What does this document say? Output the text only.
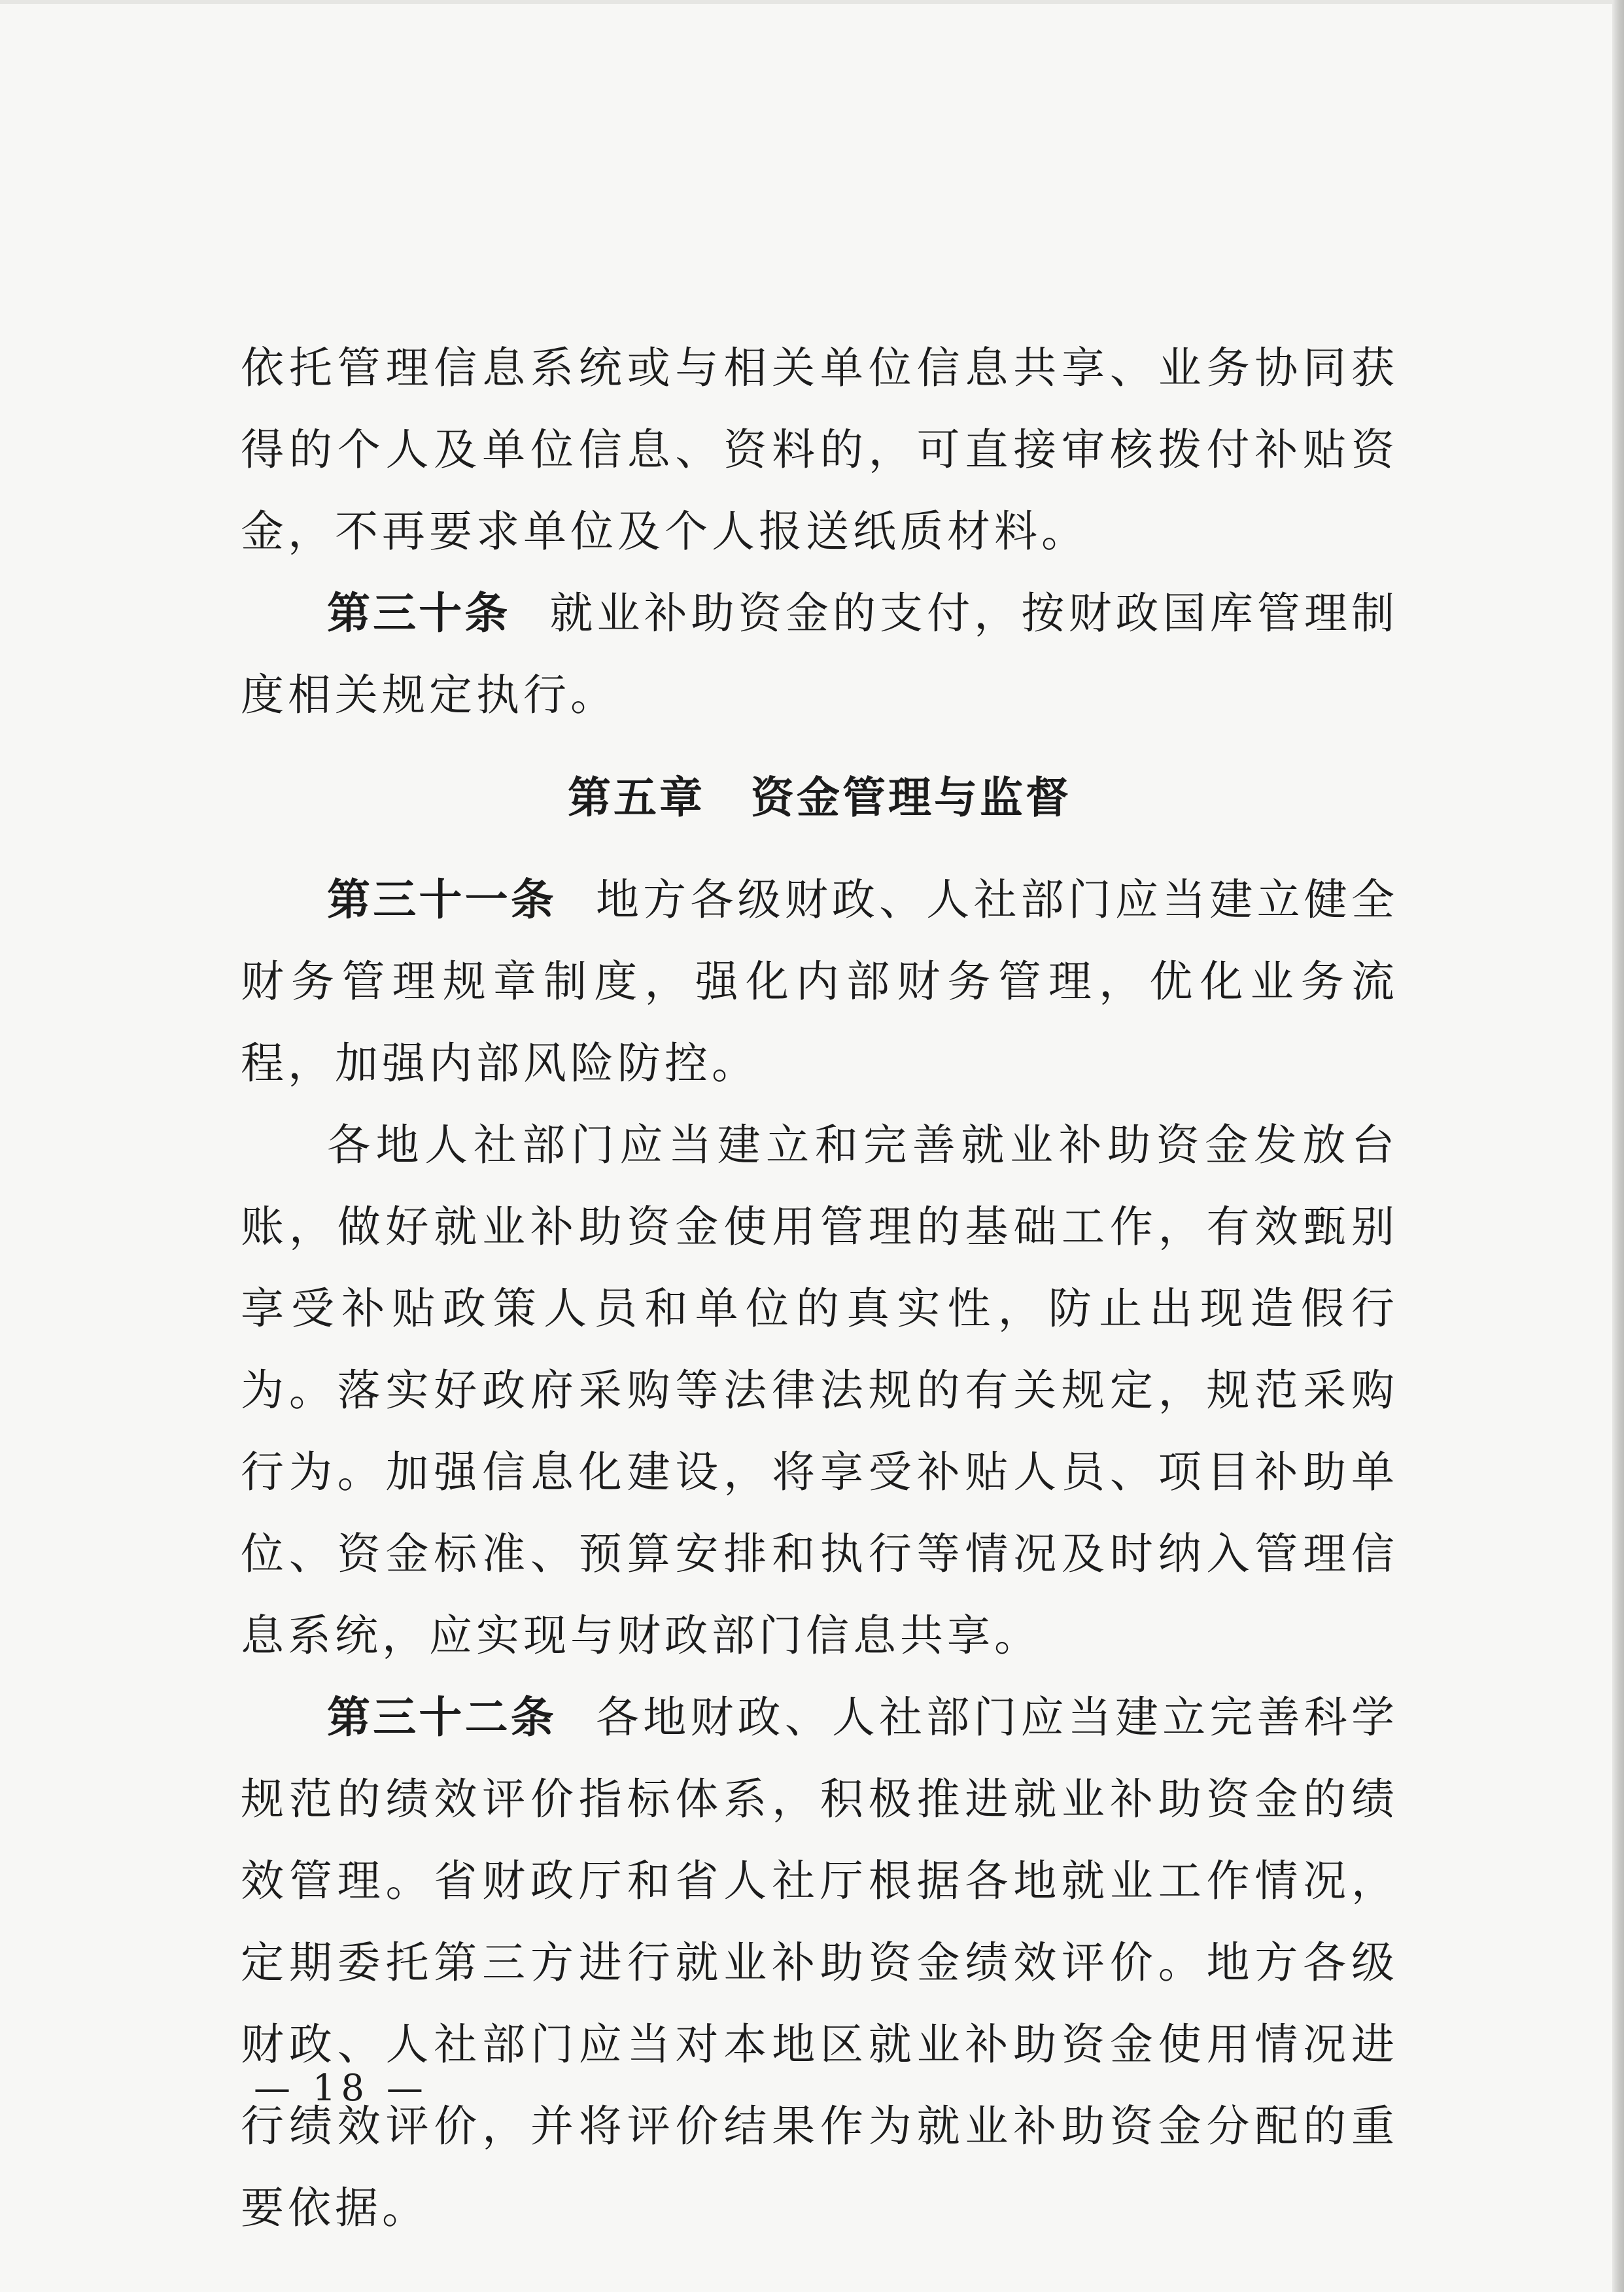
依托管理信息系统或与相关单位信息共享、业务协同获得的个人及单位信息、资料的，可直接审核拨付补贴资金，不再要求单位及个人报送纸质材料。

第三十条 就业补助资金的支付，按财政国库管理制度相关规定执行。

第五章　资金管理与监督

第三十一条 地方各级财政、人社部门应当建立健全财务管理规章制度，强化内部财务管理，优化业务流程，加强内部风险防控。

各地人社部门应当建立和完善就业补助资金发放台账，做好就业补助资金使用管理的基础工作，有效甄别享受补贴政策人员和单位的真实性，防止出现造假行为。落实好政府采购等法律法规的有关规定，规范采购行为。加强信息化建设，将享受补贴人员、项目补助单位、资金标准、预算安排和执行等情况及时纳入管理信息系统，应实现与财政部门信息共享。

第三十二条 各地财政、人社部门应当建立完善科学规范的绩效评价指标体系，积极推进就业补助资金的绩效管理。省财政厅和省人社厅根据各地就业工作情况，定期委托第三方进行就业补助资金绩效评价。地方各级财政、人社部门应当对本地区就业补助资金使用情况进行绩效评价，并将评价结果作为就业补助资金分配的重要依据。

— 18 —
